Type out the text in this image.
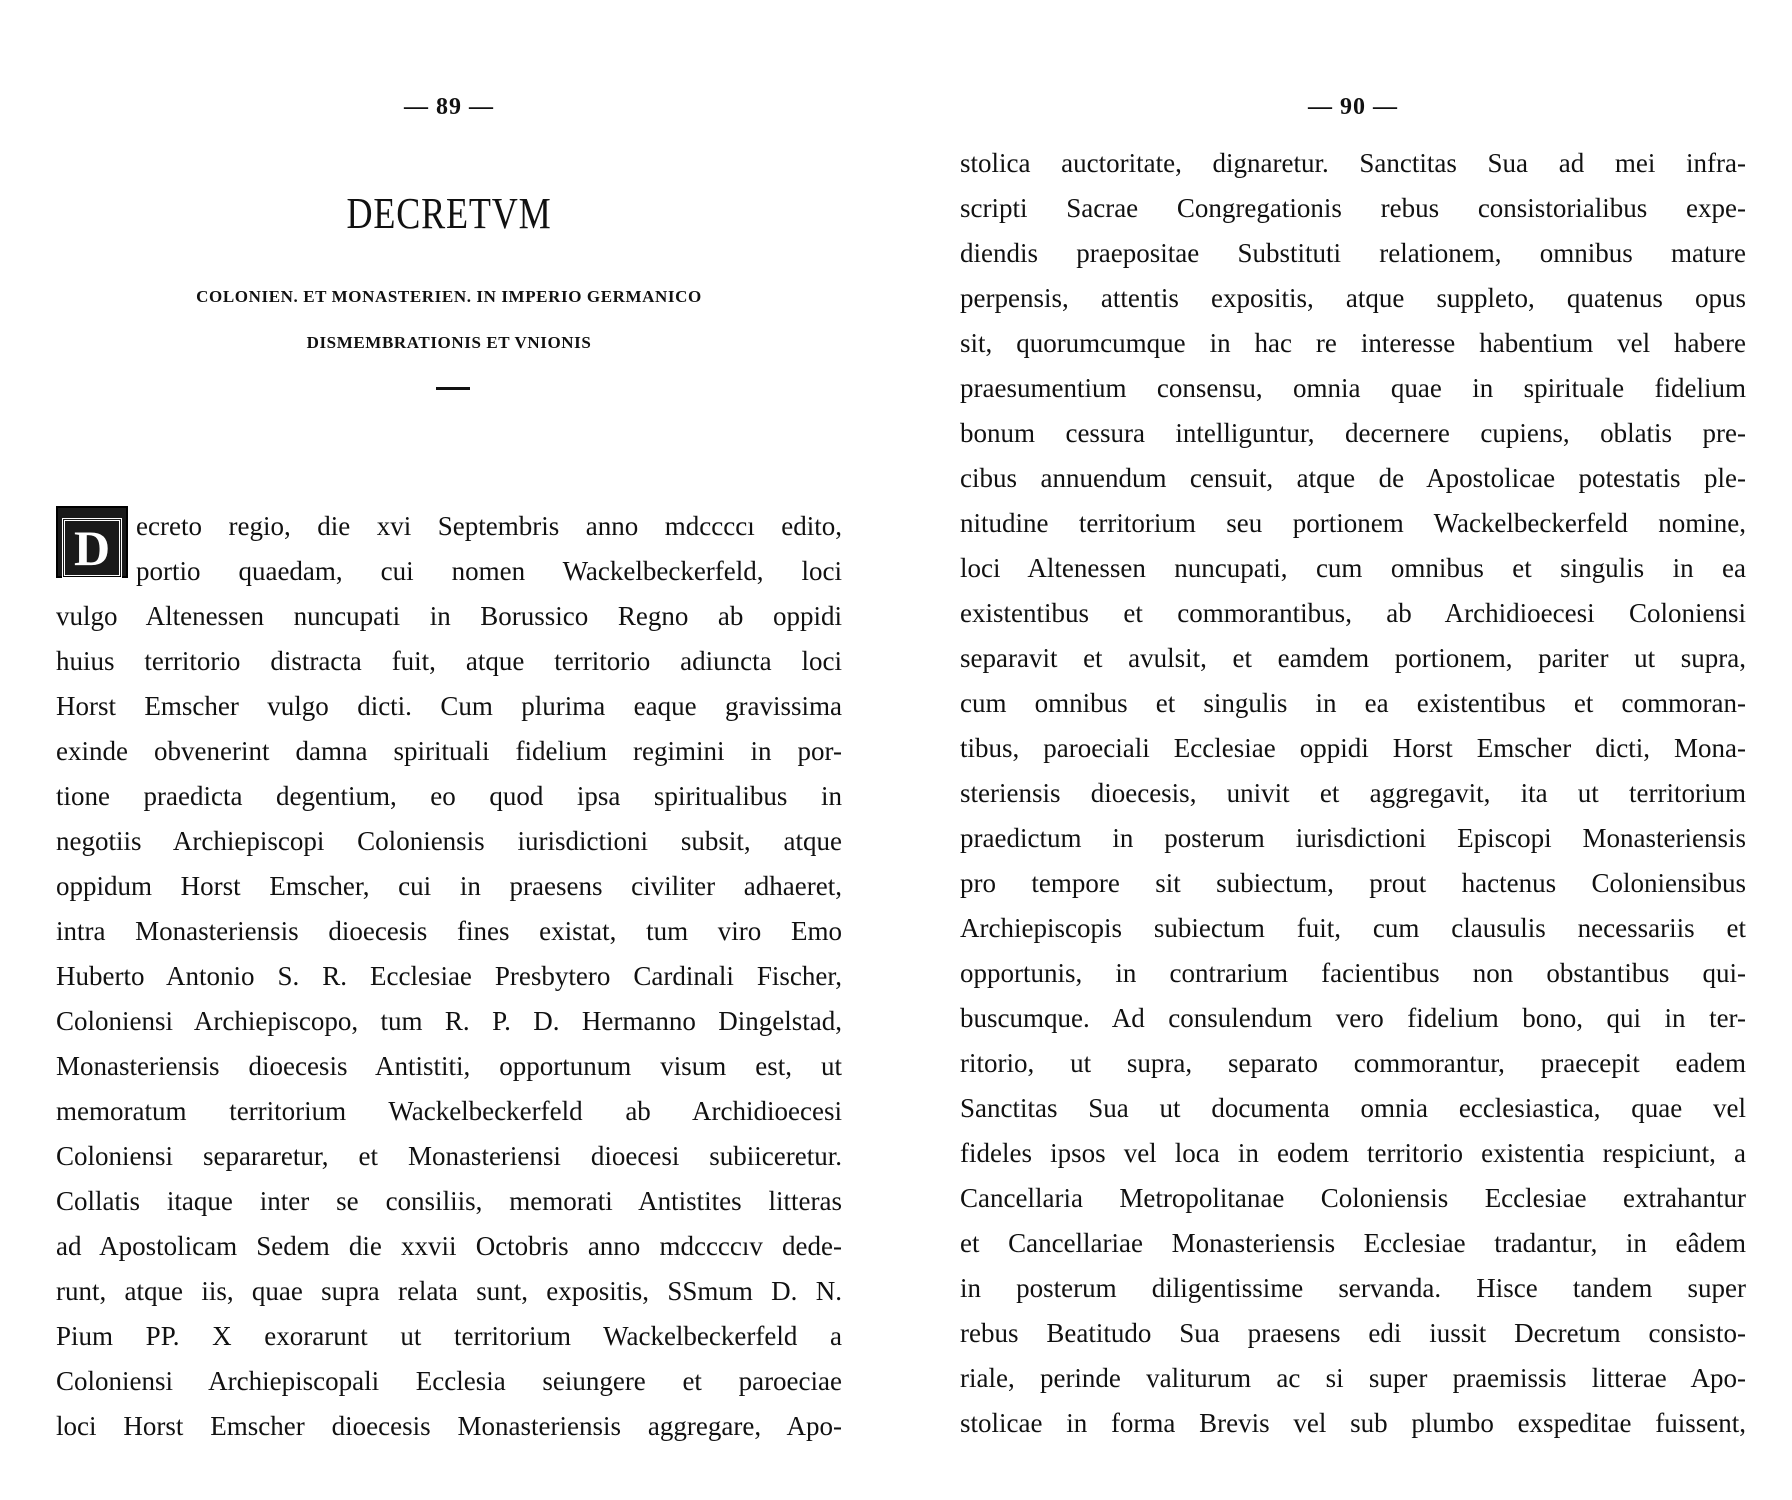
— 89 —
DECRETVM
COLONIEN. ET MONASTERIEN. IN IMPERIO GERMANICO
DISMEMBRATIONIS ET VNIONIS
D ecreto regio, die xvi Septembris anno mdccccı edito,
portio quaedam, cui nomen Wackelbeckerfeld, loci
vulgo Altenessen nuncupati in Borussico Regno ab oppidi
huius territorio distracta fuit, atque territorio adiuncta loci
Horst Emscher vulgo dicti. Cum plurima eaque gravissima
exinde obvenerint damna spirituali fidelium regimini in por-
tione praedicta degentium, eo quod ipsa spiritualibus in
negotiis Archiepiscopi Coloniensis iurisdictioni subsit, atque
oppidum Horst Emscher, cui in praesens civiliter adhaeret,
intra Monasteriensis dioecesis fines existat, tum viro Emo
Huberto Antonio S. R. Ecclesiae Presbytero Cardinali Fischer,
Coloniensi Archiepiscopo, tum R. P. D. Hermanno Dingelstad,
Monasteriensis dioecesis Antistiti, opportunum visum est, ut
memoratum territorium Wackelbeckerfeld ab Archidioecesi
Coloniensi separaretur, et Monasteriensi dioecesi subiiceretur.
Collatis itaque inter se consiliis, memorati Antistites litteras
ad Apostolicam Sedem die xxvii Octobris anno mdccccıv dede-
runt, atque iis, quae supra relata sunt, expositis, SSmum D. N.
Pium PP. X exorarunt ut territorium Wackelbeckerfeld a
Coloniensi Archiepiscopali Ecclesia seiungere et paroeciae
loci Horst Emscher dioecesis Monasteriensis aggregare, Apo-
— 90 —
stolica auctoritate, dignaretur. Sanctitas Sua ad mei infra-
scripti Sacrae Congregationis rebus consistorialibus expe-
diendis praepositae Substituti relationem, omnibus mature
perpensis, attentis expositis, atque suppleto, quatenus opus
sit, quorumcumque in hac re interesse habentium vel habere
praesumentium consensu, omnia quae in spirituale fidelium
bonum cessura intelliguntur, decernere cupiens, oblatis pre-
cibus annuendum censuit, atque de Apostolicae potestatis ple-
nitudine territorium seu portionem Wackelbeckerfeld nomine,
loci Altenessen nuncupati, cum omnibus et singulis in ea
existentibus et commorantibus, ab Archidioecesi Coloniensi
separavit et avulsit, et eamdem portionem, pariter ut supra,
cum omnibus et singulis in ea existentibus et commoran-
tibus, paroeciali Ecclesiae oppidi Horst Emscher dicti, Mona-
steriensis dioecesis, univit et aggregavit, ita ut territorium
praedictum in posterum iurisdictioni Episcopi Monasteriensis
pro tempore sit subiectum, prout hactenus Coloniensibus
Archiepiscopis subiectum fuit, cum clausulis necessariis et
opportunis, in contrarium facientibus non obstantibus qui-
buscumque. Ad consulendum vero fidelium bono, qui in ter-
ritorio, ut supra, separato commorantur, praecepit eadem
Sanctitas Sua ut documenta omnia ecclesiastica, quae vel
fideles ipsos vel loca in eodem territorio existentia respiciunt, a
Cancellaria Metropolitanae Coloniensis Ecclesiae extrahantur
et Cancellariae Monasteriensis Ecclesiae tradantur, in eâdem
in posterum diligentissime servanda. Hisce tandem super
rebus Beatitudo Sua praesens edi iussit Decretum consisto-
riale, perinde valiturum ac si super praemissis litterae Apo-
stolicae in forma Brevis vel sub plumbo exspeditae fuissent,
